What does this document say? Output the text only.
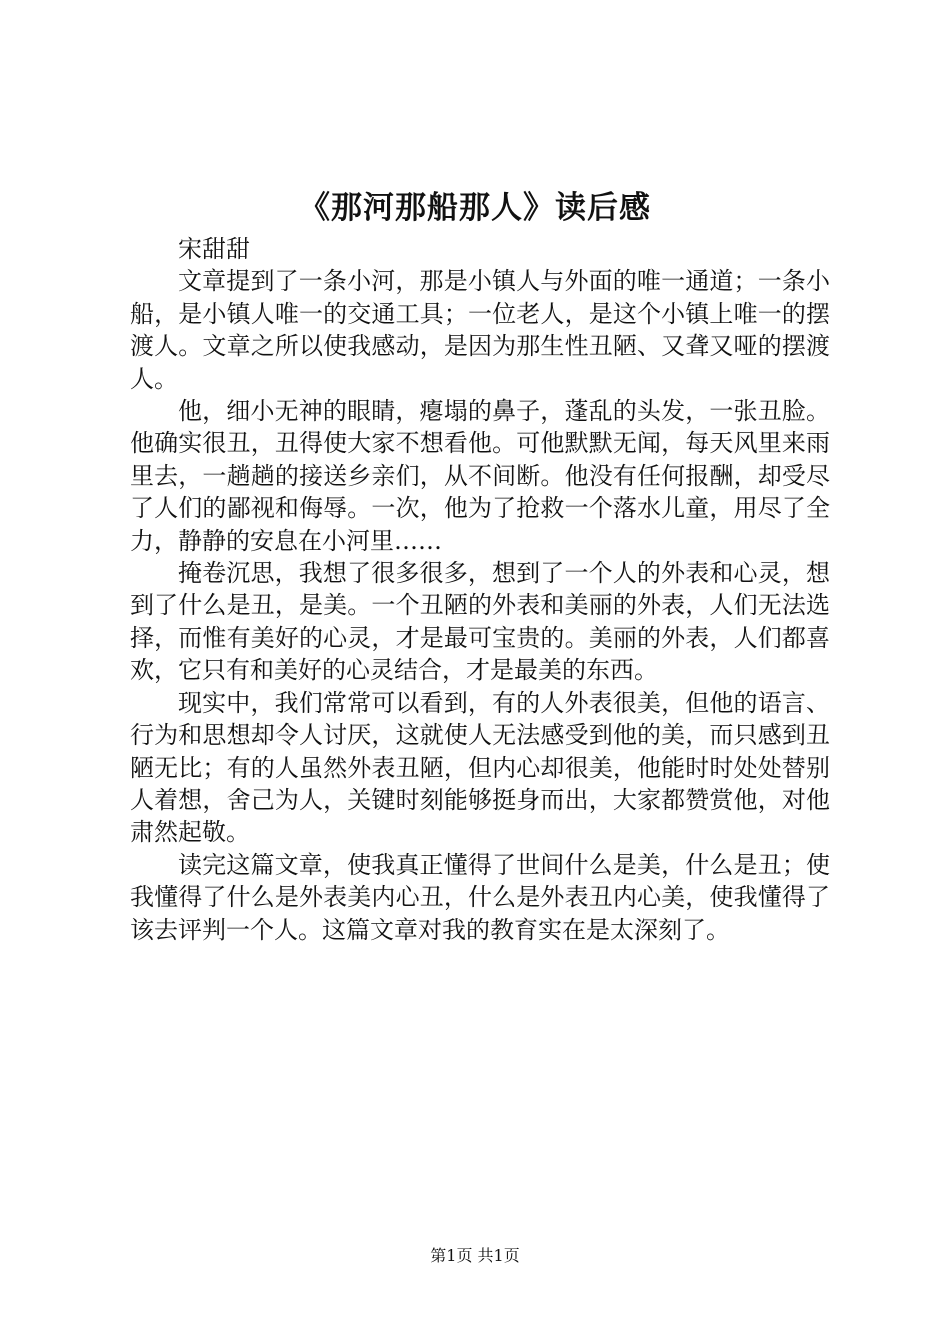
《那河那船那人》读后感

宋甜甜

文章提到了一条小河，那是小镇人与外面的唯一通道；一条小船，是小镇人唯一的交通工具；一位老人，是这个小镇上唯一的摆渡人。文章之所以使我感动，是因为那生性丑陋、又聋又哑的摆渡人。

他，细小无神的眼睛，瘪塌的鼻子，蓬乱的头发，一张丑脸。他确实很丑，丑得使大家不想看他。可他默默无闻，每天风里来雨里去，一趟趟的接送乡亲们，从不间断。他没有任何报酬，却受尽了人们的鄙视和侮辱。一次，他为了抢救一个落水儿童，用尽了全力，静静的安息在小河里……

掩卷沉思，我想了很多很多，想到了一个人的外表和心灵，想到了什么是丑，是美。一个丑陋的外表和美丽的外表，人们无法选择，而惟有美好的心灵，才是最可宝贵的。美丽的外表，人们都喜欢，它只有和美好的心灵结合，才是最美的东西。

现实中，我们常常可以看到，有的人外表很美，但他的语言、行为和思想却令人讨厌，这就使人无法感受到他的美，而只感到丑陋无比；有的人虽然外表丑陋，但内心却很美，他能时时处处替别人着想，舍己为人，关键时刻能够挺身而出，大家都赞赏他，对他肃然起敬。

读完这篇文章，使我真正懂得了世间什么是美，什么是丑；使我懂得了什么是外表美内心丑，什么是外表丑内心美，使我懂得了该去评判一个人。这篇文章对我的教育实在是太深刻了。

第1页 共1页
